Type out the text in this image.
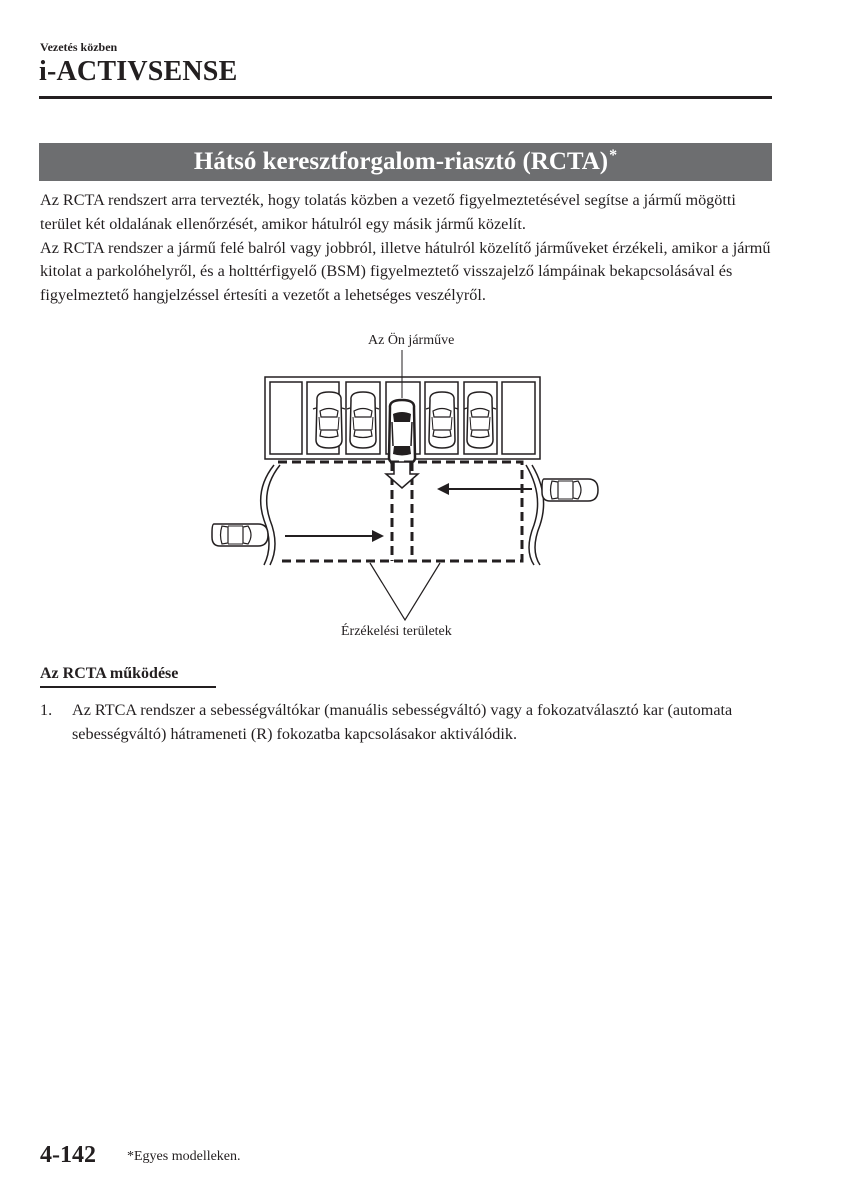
Vezetés közben
i-ACTIVSENSE
Hátsó keresztforgalom-riasztó (RCTA)*

Az RCTA rendszert arra tervezték, hogy tolatás közben a vezető figyelmeztetésével segítse a jármű mögötti terület két oldalának ellenőrzését, amikor hátulról egy másik jármű közelít.

Az RCTA rendszer a jármű felé balról vagy jobbról, illetve hátulról közelítő járműveket érzékeli, amikor a jármű kitolat a parkolóhelyről, és a holttérfigyelő (BSM) figyelmeztető visszajelző lámpáinak bekapcsolásával és figyelmeztető hangjelzéssel értesíti a vezetőt a lehetséges veszélyről.

Az Ön járműve
Érzékelési területek
Az RCTA működése
1. Az RTCA rendszer a sebességváltókar (manuális sebességváltó) vagy a fokozatválasztó kar (automata sebességváltó) hátrameneti (R) fokozatba kapcsolásakor aktiválódik.
4-142 *Egyes modelleken.
